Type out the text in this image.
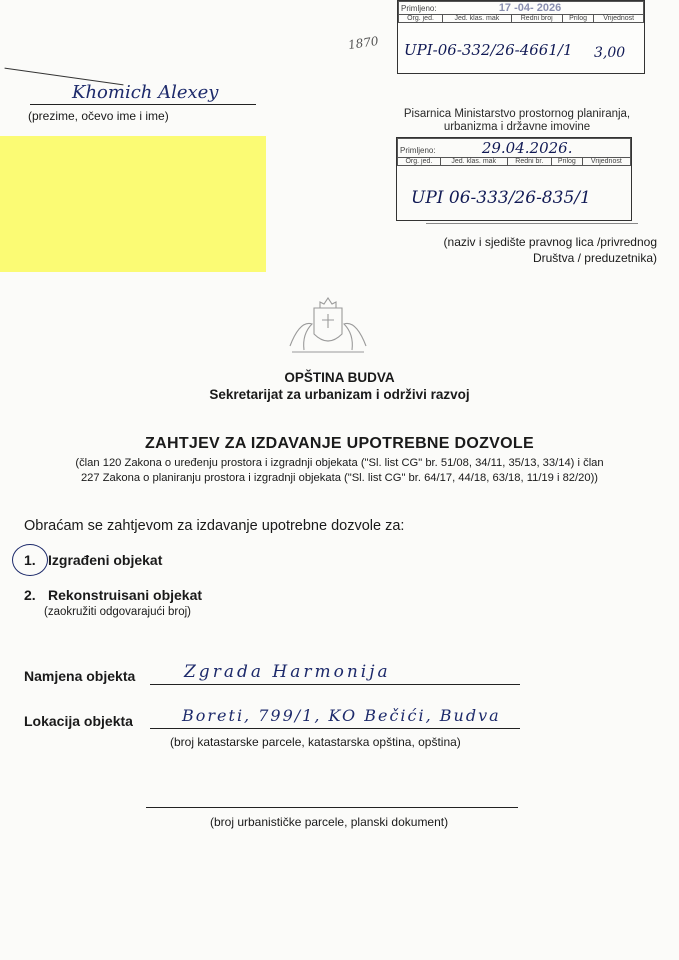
Primljeno:	17 -04- 2026
Org. jed.	Jed. klas. mak	Redni broj	Prilog	Vrijednost
UPI-06-332/26-4661/1 3,00
1870
Khomich Alexey
(prezime, očevo ime i ime)	Pisarnica Ministarstvo prostornog planiranja, urbanizma i državne imovine
Primljeno:	29.04.2026.
Org. jed.	Jed. klas. mak	Redni br.	Prilog	Vrijednost
UPI 06-333/26-835/1
(naziv i sjedište pravnog lica /privrednog Društva / preduzetnika)
OPŠTINA BUDVA
Sekretarijat za urbanizam i održivi razvoj
ZAHTJEV ZA IZDAVANJE UPOTREBNE DOZVOLE
(član 120 Zakona o uređenju prostora i izgradnji objekata ("Sl. list CG" br. 51/08, 34/11, 35/13, 33/14) i član
227 Zakona o planiranju prostora i izgradnji objekata ("Sl. list CG" br. 64/17, 44/18, 63/18, 11/19 i 82/20))
Obraćam se zahtjevom za izdavanje upotrebne dozvole za:
1. Izgrađeni objekat
2. Rekonstruisani objekat
(zaokružiti odgovarajući broj)
Namjena objekta	Zgrada Harmonija
Lokacija objekta	Boreti, 799/1, KO Bečići, Budva
(broj katastarske parcele, katastarska opština, opština)
(broj urbanističke parcele, planski dokument)
